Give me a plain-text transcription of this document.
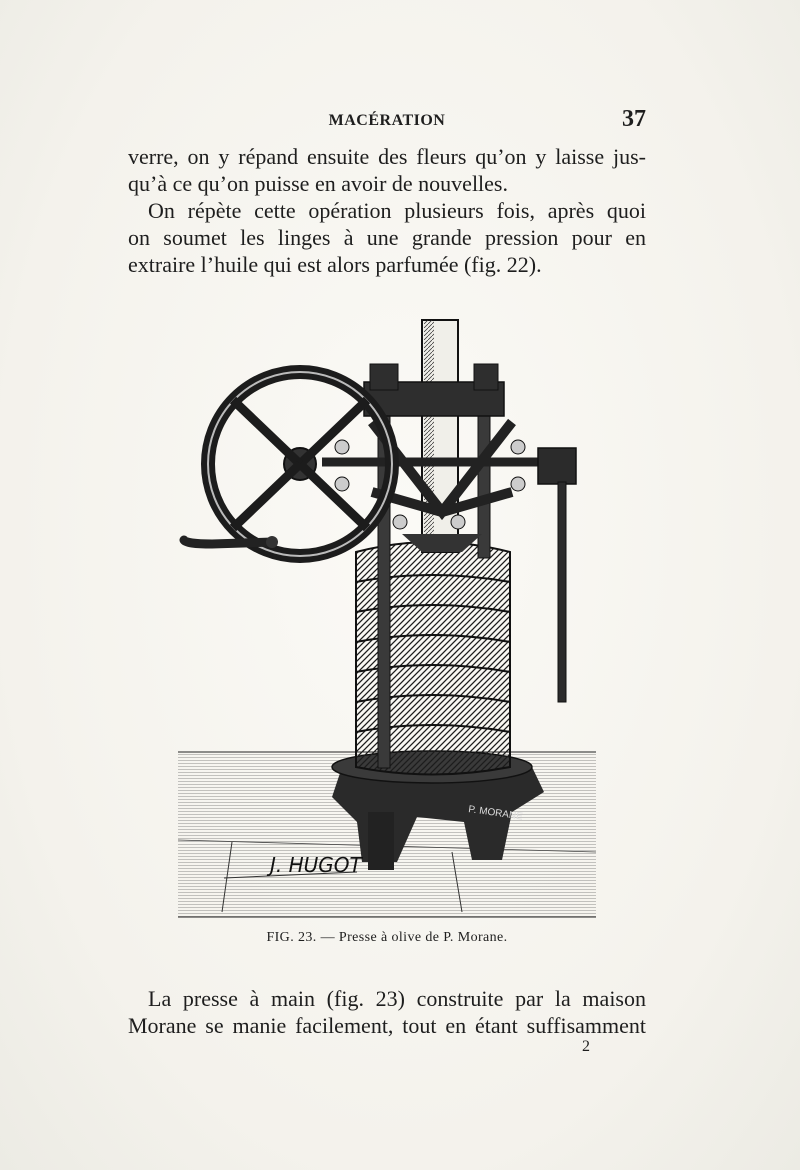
MACÉRATION	37
verre, on y répand ensuite des fleurs qu’on y laisse jus-
qu’à ce qu’on puisse en avoir de nouvelles.
On répète cette opération plusieurs fois, après quoi
on soumet les linges à une grande pression pour en
extraire l’huile qui est alors parfumée (fig. 22).
P. MORANE
J. HUGOT
FIG. 23. — Presse à olive de P. Morane.
La presse à main (fig. 23) construite par la maison
Morane se manie facilement, tout en étant suffisamment
2
